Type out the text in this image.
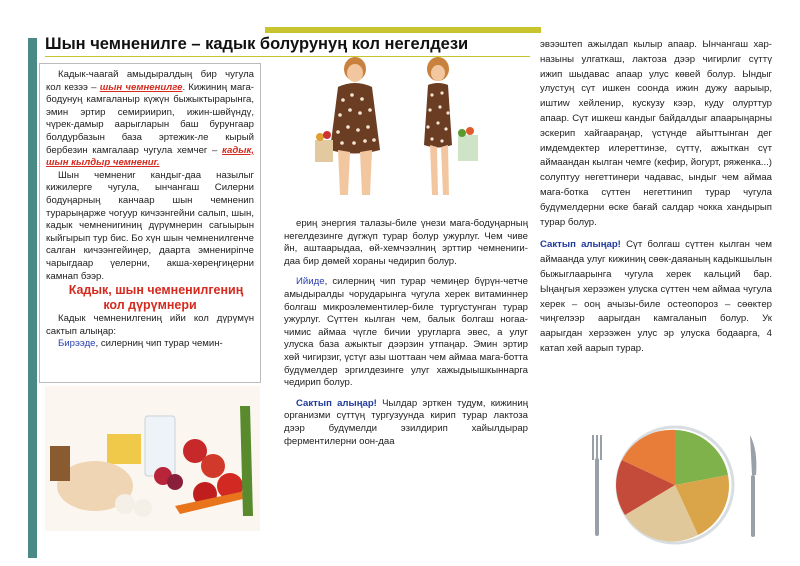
Шын чемненилге – кадык болуруну​ң кол негелдези

Кадык-чаагай амыдыралдың бир чугула кол кезээ – шын чемненилге. Кижиниң мага-бодунуң камгаланыр күжүн быжыктырарынга, эмин эртир семириириn, ижин-шөйүндү, чүрек-дамыр аарыгларын баш бурунгаар болдурбазын база эртежик-ле кырый бербезин камгалаар чугула хемчег – кадык, шын кылдыр чемнениr.

Шын чемнениr кандыг-даа назылыг кижилерге чугула, ынчангаш Силерни бодуңарның канчаар шын чемнениn турарыңарже чогуур кичээнгейни салып, шын, кадык чемнениrиниң дүрүмнерин сагыырын кыйгырып тур бис. Бо хүн шын чемненилгенче салган кичээнгейиңер, даарта эмненирinче чарыгдаар үелерни, акша-хөреңгиңерни камнап бээр.

Кадык, шын чемненилгениң кол дүрүмнери

Кадык чемненилгениң ийи кол дүрүмүн сактып алыңар:

Бирээде, силерниң чип турар чемин-

ериң энергия талазы-биле үнези мага-бодуңарның негелдезинге дүгжүп турар болур ужурлуг. Чем чиве​йн, аштаарыдаа, өй-хемчээлниң эрттир чемнениrи-даа бир дөмей хораны чедирип болур.

Ийиде, силерниң чип турар чемиңер бүрүн-четче амыдыралды чорударынга чугула херек витаминнер болгаш микроэлементилер-биле тургустунган турар ужурлуг. Сүттен кылган чем, балык болгаш ногаа-чимис аймаа чүгле бичии уругларга эвес, а улуг улуска база ажыктыг дээрзин утпаңар. Эмин эртир хөй чигирзиг, үстүг азы шоттаан чем аймаа мага-ботта будүмелдер эргилдезинге улуг хажыдыышкыннарга чедирип болур.

Сактып алыңар! Чылдар эрткен тудум, кижиниң организми сүттүң тургузуунда кирип турар лактоза дээр будүмелди эзилдирип хайылдырар ферментилерни оон-даа

эвээштеп ажылдап кылыр апаар. Ынчангаш хар-назыны улгаткаш, лактоза дээр чигирлиг сүттү ижип шыдавас апаар улус көвей болур. Ындыг улустуң сүт ишкен соонда ижин дужу аарыыр, иштиw хейленир, кускузу кээр, куду олурттур апаар. Сүт ишкеш кандыг байдалдыг апаарыңарны эскерип хайгаараңар, үстүнде айыттынган дег имдемдектер илереттинзе, сүттү, ажыткан сүт аймаандан кылган чемге (кефир, йогурт, ряженка...) солуптуу негеттинери чадавас, ындыг чем аймаа мага-ботка сүттен негеттинип турар чугула будүмелдерни өске бағай салдар чокка хандырып турар болур.

Сактып алыңар! Сүт болгаш сүттен кылган чем аймаанда улуг кижиниң сөөк-даяаның кадыкшылын быжыглаарынга чугула херек кальций бар. Ыңаңгыя херээжен улуска сүттен чем аймаа чугула херек – оoң ачызы-биле остеопороз – сөөктер чиңгелээр аарыгдан камгаланып болур. Ук аарыгдан херээжен улус эр улуска бодаарга, 4 катап хөй аарып турар.
